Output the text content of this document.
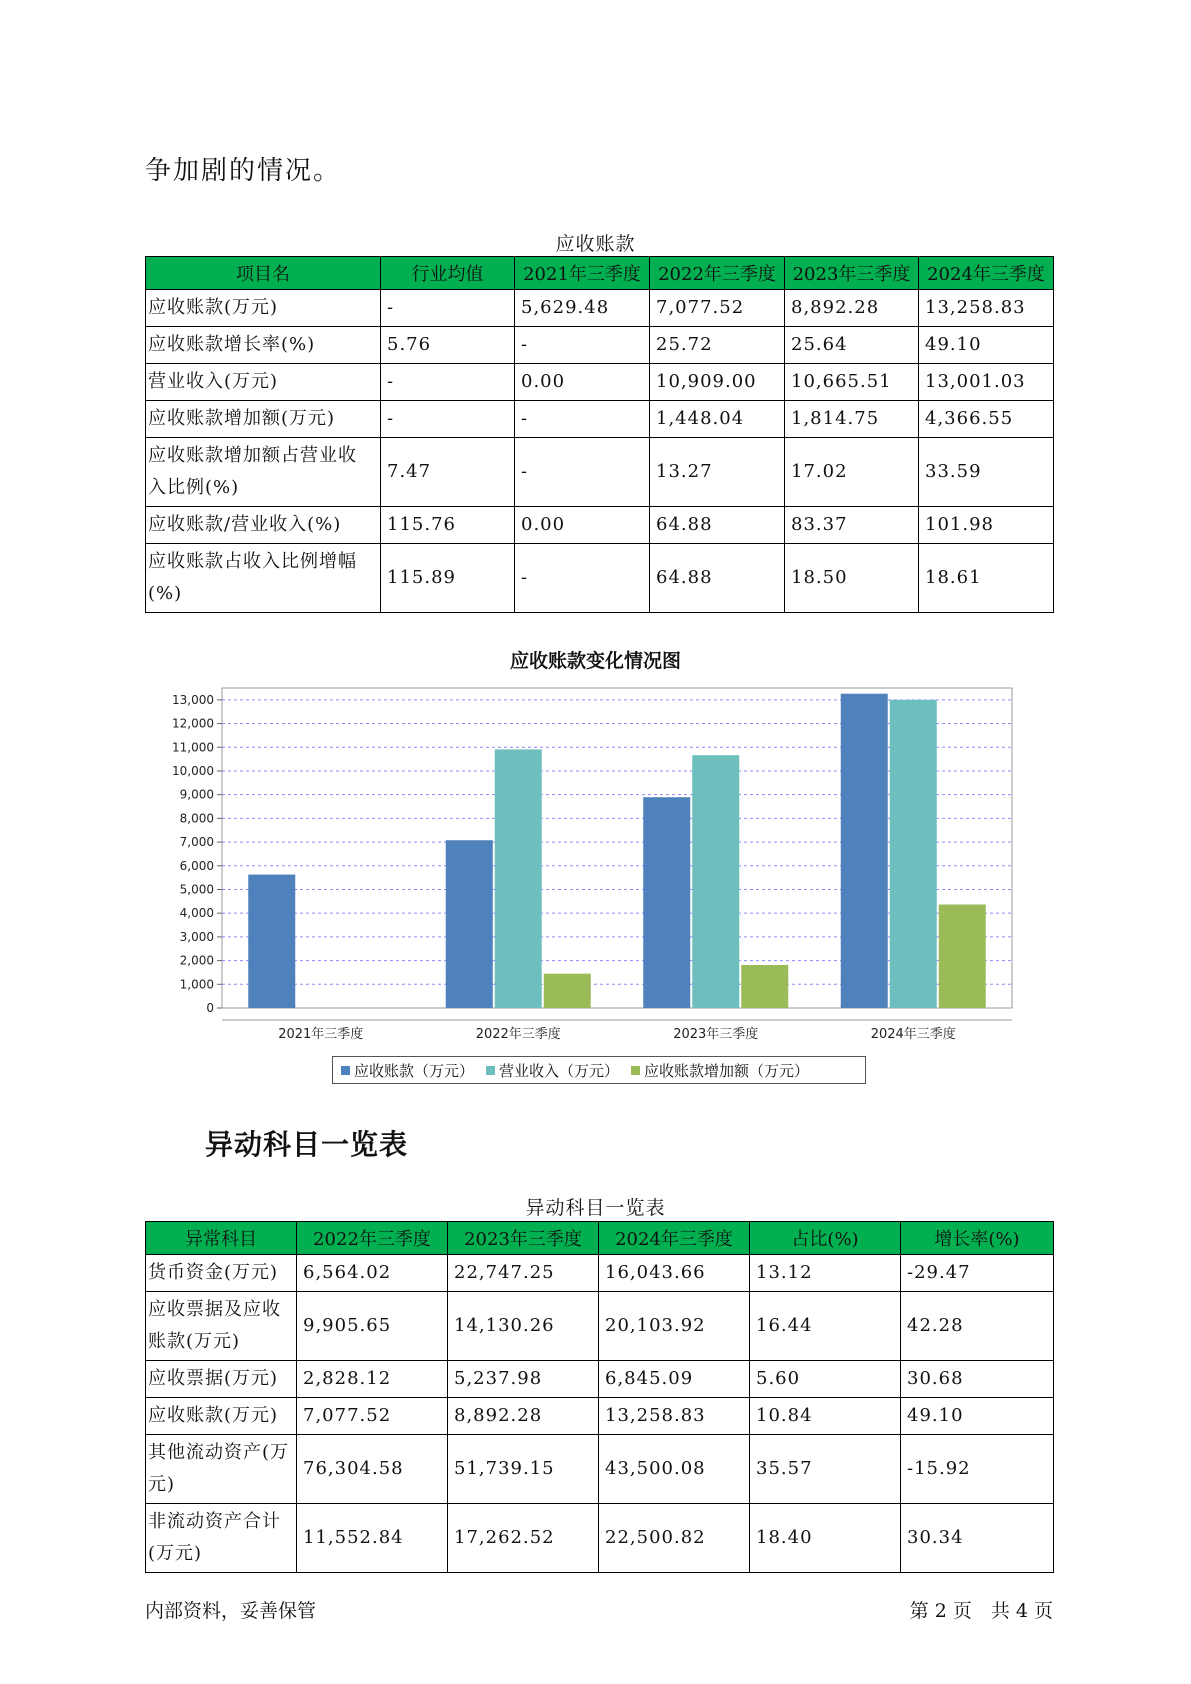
争加剧的情况。
应收账款
项目名	行业均值	2021年三季度	2022年三季度	2023年三季度	2024年三季度
应收账款(万元)	-	5,629.48	7,077.52	8,892.28	13,258.83
应收账款增长率(%)	5.76	-	25.72	25.64	49.10
营业收入(万元)	-	0.00	10,909.00	10,665.51	13,001.03
应收账款增加额(万元)	-	-	1,448.04	1,814.75	4,366.55
应收账款增加额占营业收入比例(%)	7.47	-	13.27	17.02	33.59
应收账款/营业收入(%)	115.76	0.00	64.88	83.37	101.98
应收账款占收入比例增幅(%)	115.89	-	64.88	18.50	18.61
应收账款变化情况图
0
1,000
2,000
3,000
4,000
5,000
6,000
7,000
8,000
9,000
10,000
11,000
12,000
13,000
2021年三季度	2022年三季度	2023年三季度	2024年三季度
应收账款（万元） 营业收入（万元） 应收账款增加额（万元）
异动科目一览表
异动科目一览表
异常科目	2022年三季度	2023年三季度	2024年三季度	占比(%)	增长率(%)
货币资金(万元)	6,564.02	22,747.25	16,043.66	13.12	-29.47
应收票据及应收账款(万元)	9,905.65	14,130.26	20,103.92	16.44	42.28
应收票据(万元)	2,828.12	5,237.98	6,845.09	5.60	30.68
应收账款(万元)	7,077.52	8,892.28	13,258.83	10.84	49.10
其他流动资产(万元)	76,304.58	51,739.15	43,500.08	35.57	-15.92
非流动资产合计(万元)	11,552.84	17,262.52	22,500.82	18.40	30.34
内部资料，妥善保管	第 2 页　共 4 页
